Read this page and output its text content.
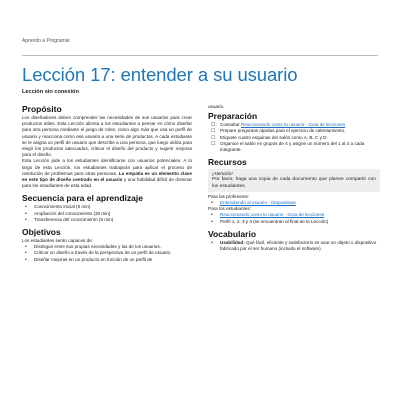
Aprendo a Programar
Lección 17: entender a su usuario
Lección sin conexión
Propósito

Los diseñadores deben comprender las necesidades de sus usuarios para crear productos útiles. Esta Lección alienta a los estudiantes a pensar en cómo diseñar para otra persona mediante el juego de roles, como algo más que usa un perfil de usuario y reacciona como ese usuario a una serie de productos. A cada estudiante se le asigna un perfil de usuario que describe a una persona, que luego utiliza para elegir los productos adecuados, criticar el diseño del producto y sugerir mejoras para el diseño.

Esta Lección pide a los estudiantes identificarse con usuarios potenciales. A lo largo de esta Lección, los estudiantes trabajarán para aplicar el proceso de resolución de problemas para otras personas. La empatía es un elemento clave en este tipo de diseño centrado en el usuario y una habilidad difícil de dominar para los estudiantes de esta edad.

Secuencia para el aprendizaje
• Conocimiento inicial (5 min)
• Ampliación del conocimiento (30 min)
• Transferencia del conocimiento (5 min)
Objetivos

Los estudiantes serán capaces de:

• Distinguir entre sus propias necesidades y las de los usuarios.
• Criticar un diseño a través de la perspectiva de un perfil de usuario.
• Diseñar mejoras en un producto en función de un perfil de

usuario.

Preparación
☐ Consultar Reaccionando como tu usuario - Guía de lecciones
☐ Prepare preguntas rápidas para el ejercicio de calentamiento.
☐ Etiquete cuatro esquinas del salón como A, B, C y D.
☐ Organice el salón en grupos de 4 y asigne un número del 1 al 4 a cada integrante.
Recursos

¡Atención!

Por favor, haga una copia de cada documento que planee compartir con los estudiantes.

Para los profesores:

• Entendiendo al usuario - Diapositivas

Para los estudiantes:

• Reaccionando como tu usuario - Guía de lecciones
• Perfil 1, 2, 3 y 4 (se encuentran al final de la Lección)
Vocabulario
• Usabilidad: Qué fácil, eficiente y satisfactorio es usar un objeto o dispositivo fabricado por el ser humano (incluido el software).
